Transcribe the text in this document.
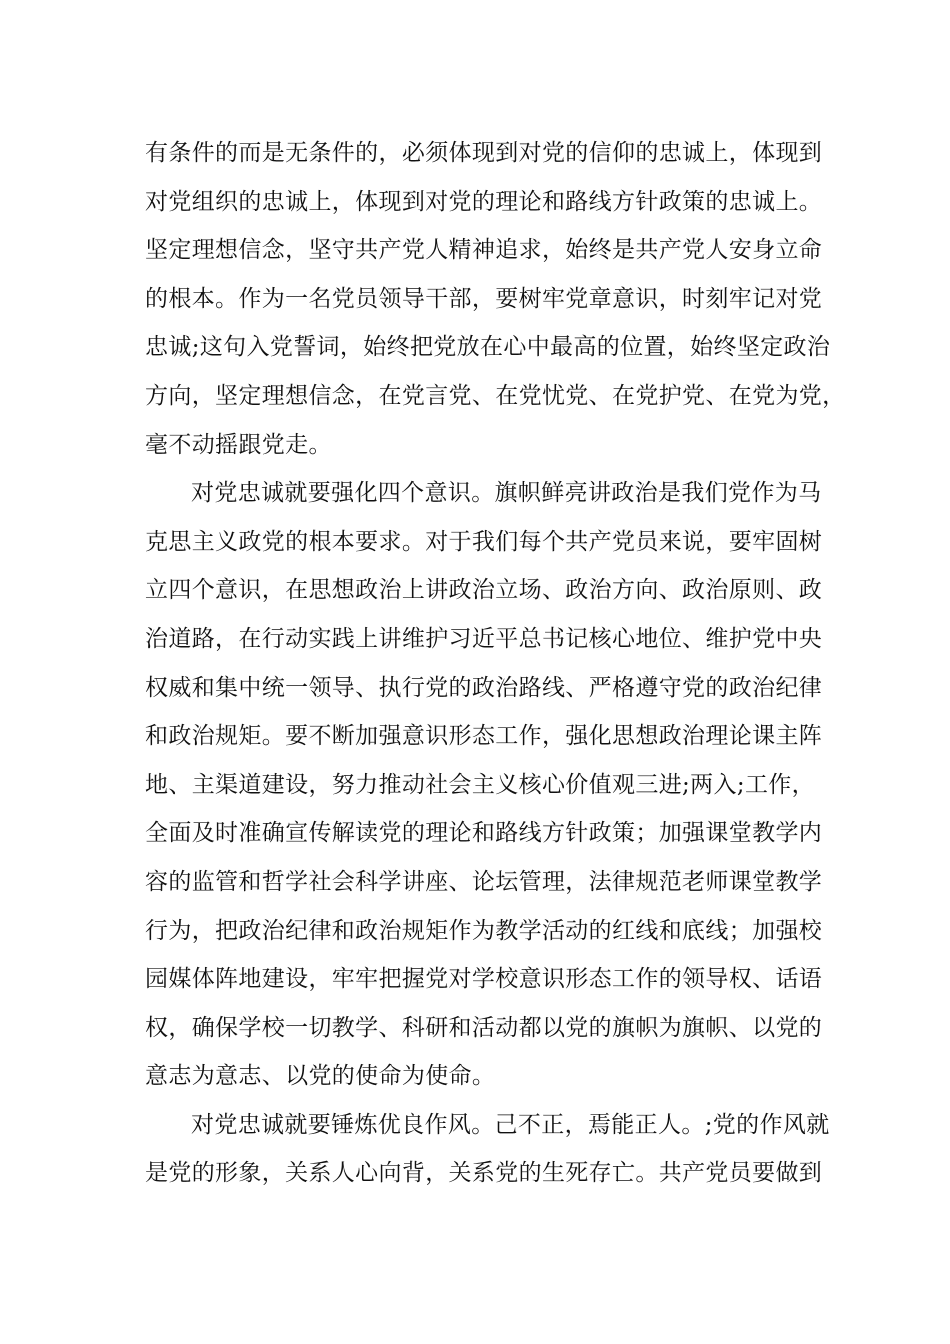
有条件的而是无条件的，必须体现到对党的信仰的忠诚上，体现到
对党组织的忠诚上，体现到对党的理论和路线方针政策的忠诚上。
坚定理想信念，坚守共产党人精神追求，始终是共产党人安身立命
的根本。作为一名党员领导干部，要树牢党章意识，时刻牢记对党
忠诚;这句入党誓词，始终把党放在心中最高的位置，始终坚定政治
方向，坚定理想信念，在党言党、在党忧党、在党护党、在党为党，
毫不动摇跟党走。
对党忠诚就要强化四个意识。旗帜鲜亮讲政治是我们党作为马
克思主义政党的根本要求。对于我们每个共产党员来说，要牢固树
立四个意识，在思想政治上讲政治立场、政治方向、政治原则、政
治道路，在行动实践上讲维护习近平总书记核心地位、维护党中央
权威和集中统一领导、执行党的政治路线、严格遵守党的政治纪律
和政治规矩。要不断加强意识形态工作，强化思想政治理论课主阵
地、主渠道建设，努力推动社会主义核心价值观三进;两入;工作，
全面及时准确宣传解读党的理论和路线方针政策；加强课堂教学内
容的监管和哲学社会科学讲座、论坛管理，法律规范老师课堂教学
行为，把政治纪律和政治规矩作为教学活动的红线和底线；加强校
园媒体阵地建设，牢牢把握党对学校意识形态工作的领导权、话语
权，确保学校一切教学、科研和活动都以党的旗帜为旗帜、以党的
意志为意志、以党的使命为使命。
对党忠诚就要锤炼优良作风。己不正，焉能正人。;党的作风就
是党的形象，关系人心向背，关系党的生死存亡。共产党员要做到
